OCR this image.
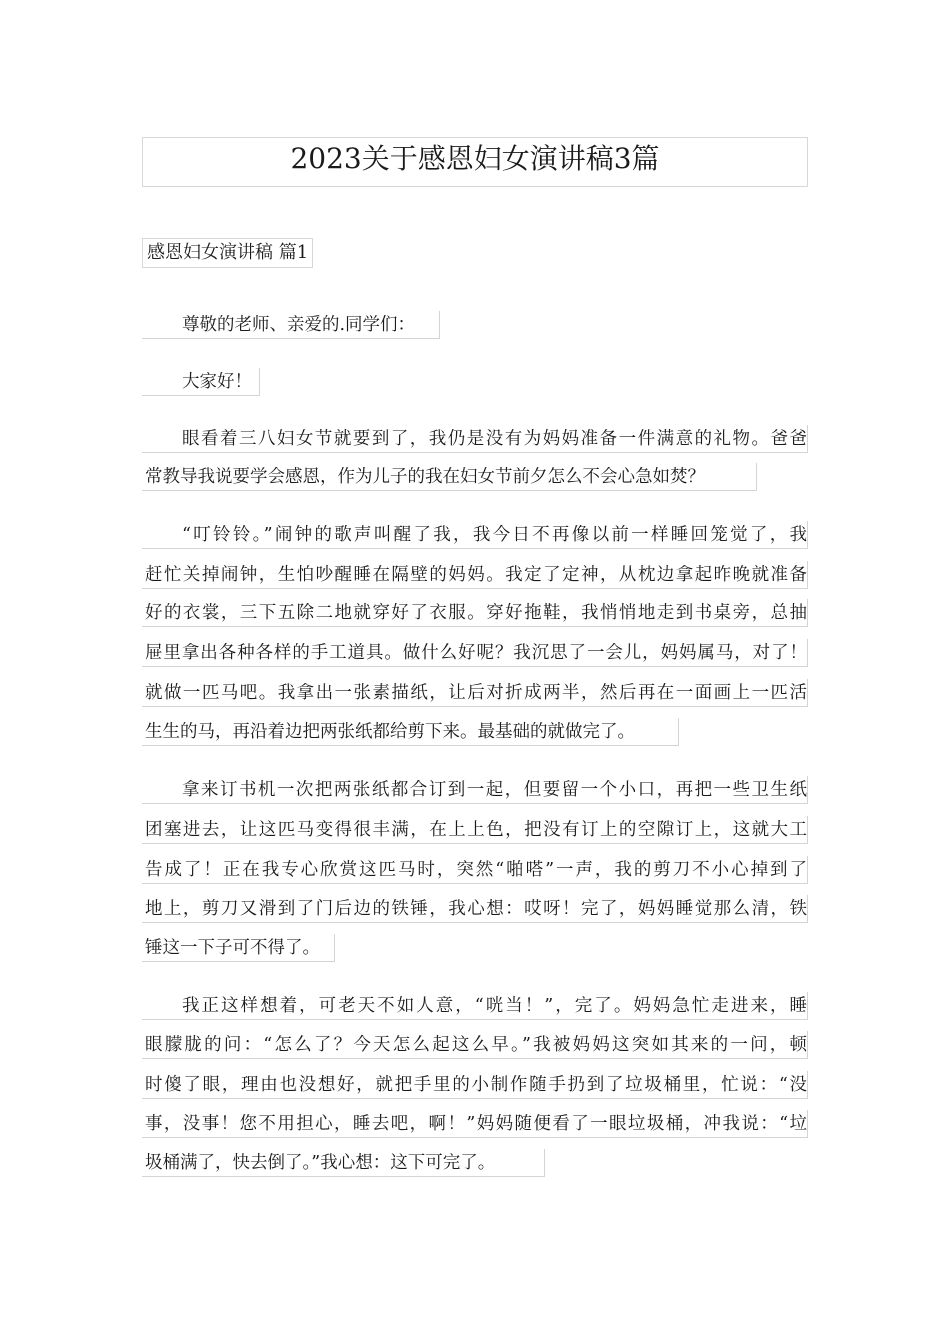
2023关于感恩妇女演讲稿3篇
感恩妇女演讲稿 篇1
尊敬的老师、亲爱的.同学们：
大家好！
眼看着三八妇女节就要到了，我仍是没有为妈妈准备一件满意的礼物。爸爸
常教导我说要学会感恩，作为儿子的我在妇女节前夕怎么不会心急如焚？
“叮铃铃。”闹钟的歌声叫醒了我，我今日不再像以前一样睡回笼觉了，我
赶忙关掉闹钟，生怕吵醒睡在隔壁的妈妈。我定了定神，从枕边拿起昨晚就准备
好的衣裳，三下五除二地就穿好了衣服。穿好拖鞋，我悄悄地走到书桌旁，总抽
屉里拿出各种各样的手工道具。做什么好呢？我沉思了一会儿，妈妈属马，对了！
就做一匹马吧。我拿出一张素描纸，让后对折成两半，然后再在一面画上一匹活
生生的马，再沿着边把两张纸都给剪下来。最基础的就做完了。
拿来订书机一次把两张纸都合订到一起，但要留一个小口，再把一些卫生纸
团塞进去，让这匹马变得很丰满，在上上色，把没有订上的空隙订上，这就大工
告成了！正在我专心欣赏这匹马时，突然“啪嗒”一声，我的剪刀不小心掉到了
地上，剪刀又滑到了门后边的铁锤，我心想：哎呀！完了，妈妈睡觉那么清，铁
锤这一下子可不得了。
我正这样想着，可老天不如人意，“咣当！”，完了。妈妈急忙走进来，睡
眼朦胧的问：“怎么了？今天怎么起这么早。”我被妈妈这突如其来的一问，顿
时傻了眼，理由也没想好，就把手里的小制作随手扔到了垃圾桶里，忙说：“没
事，没事！您不用担心，睡去吧，啊！”妈妈随便看了一眼垃圾桶，冲我说：“垃
圾桶满了，快去倒了。”我心想：这下可完了。
